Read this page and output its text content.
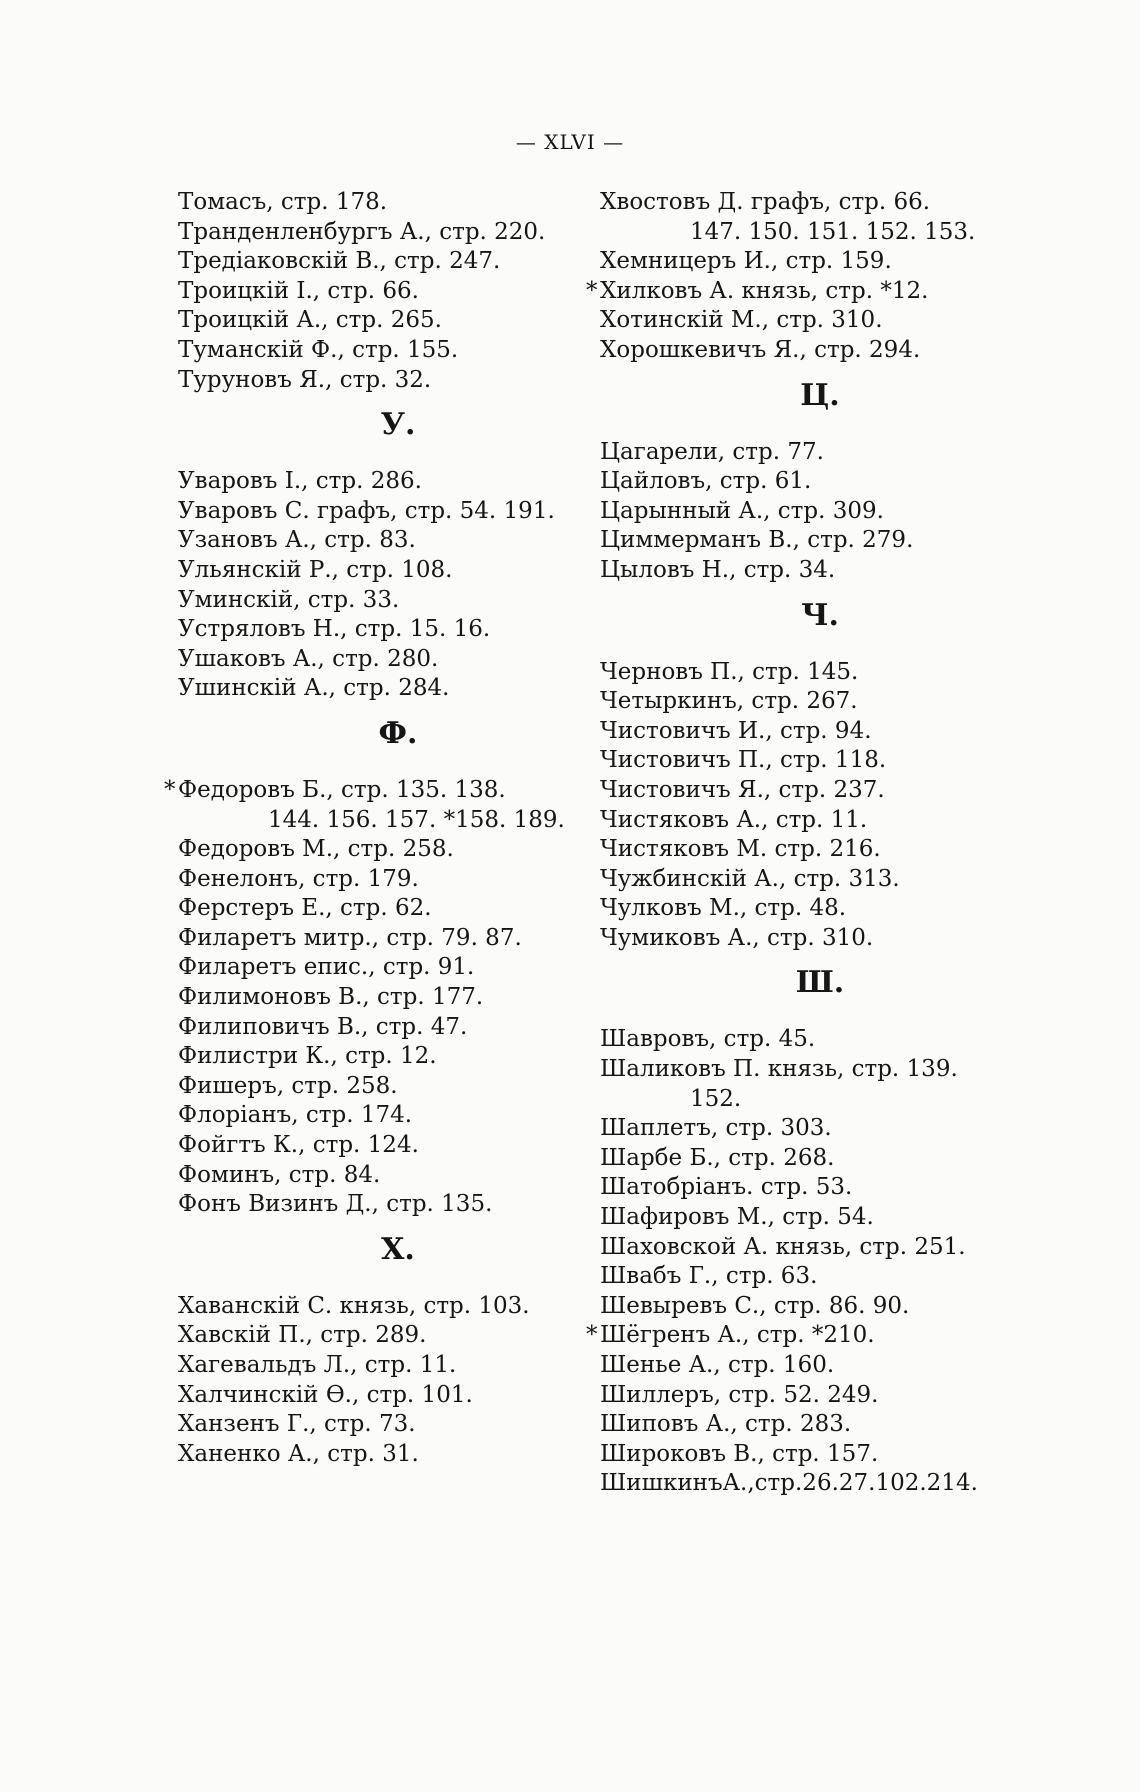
— XLVI —
Томасъ, стр. 178.
Транденленбургъ А., стр. 220.
Тредіаковскій В., стр. 247.
Троицкій І., стр. 66.
Троицкій А., стр. 265.
Туманскій Ф., стр. 155.
Туруновъ Я., стр. 32.
У.
Уваровъ І., стр. 286.
Уваровъ С. графъ, стр. 54. 191.
Узановъ А., стр. 83.
Ульянскій Р., стр. 108.
Уминскій, стр. 33.
Устряловъ Н., стр. 15. 16.
Ушаковъ А., стр. 280.
Ушинскій А., стр. 284.
Ф.
* Федоровъ Б., стр. 135. 138.
144. 156. 157. *158. 189.
Федоровъ М., стр. 258.
Фенелонъ, стр. 179.
Ферстеръ Е., стр. 62.
Филаретъ митр., стр. 79. 87.
Филаретъ епис., стр. 91.
Филимоновъ В., стр. 177.
Филиповичъ В., стр. 47.
Филистри К., стр. 12.
Фишеръ, стр. 258.
Флоріанъ, стр. 174.
Фойгтъ К., стр. 124.
Фоминъ, стр. 84.
Фонъ Визинъ Д., стр. 135.
Х.
Хаванскій С. князь, стр. 103.
Хавскій П., стр. 289.
Хагевальдъ Л., стр. 11.
Халчинскій Ѳ., стр. 101.
Ханзенъ Г., стр. 73.
Ханенко А., стр. 31.
Хвостовъ Д. графъ, стр. 66.
147. 150. 151. 152. 153.
Хемницеръ И., стр. 159.
* Хилковъ А. князь, стр. *12.
Хотинскій М., стр. 310.
Хорошкевичъ Я., стр. 294.
Ц.
Цагарели, стр. 77.
Цайловъ, стр. 61.
Царынный А., стр. 309.
Циммерманъ В., стр. 279.
Цыловъ Н., стр. 34.
Ч.
Черновъ П., стр. 145.
Четыркинъ, стр. 267.
Чистовичъ И., стр. 94.
Чистовичъ П., стр. 118.
Чистовичъ Я., стр. 237.
Чистяковъ А., стр. 11.
Чистяковъ М. стр. 216.
Чужбинскій А., стр. 313.
Чулковъ М., стр. 48.
Чумиковъ А., стр. 310.
Ш.
Шавровъ, стр. 45.
Шаликовъ П. князь, стр. 139.
152.
Шаплетъ, стр. 303.
Шарбе Б., стр. 268.
Шатобріанъ. стр. 53.
Шафировъ М., стр. 54.
Шаховской А. князь, стр. 251.
Швабъ Г., стр. 63.
Шевыревъ С., стр. 86. 90.
* Шёгренъ А., стр. *210.
Шенье А., стр. 160.
Шиллеръ, стр. 52. 249.
Шиповъ А., стр. 283.
Широковъ В., стр. 157.
ШишкинъА.,стр.26.27.102.214.
